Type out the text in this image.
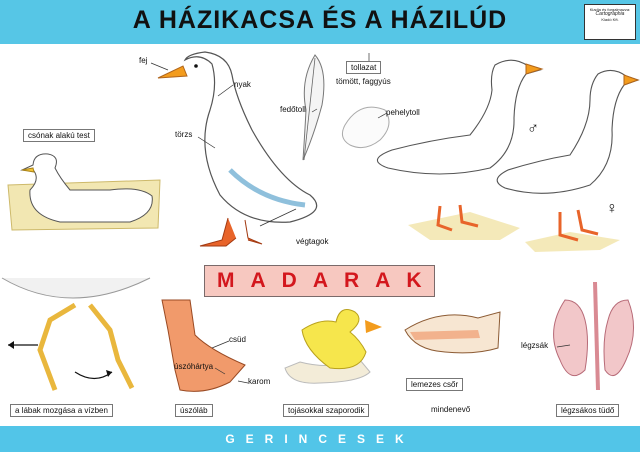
A HÁZIKACSA ÉS A HÁZILÚD	Kiadja és forgalmazza:
Cartographia
Kiadó Kft.
fej
nyak
törzs
végtagok
csónak alakú test
tollazat
tömött, faggyús
fedőtoll	pehelytoll
♂
♀
MADARAK
csüd
úszóhártya
karom
légzsák
mindenevő
a lábak mozgása a vízben	úszóláb	tojásokkal szaporodik
lemezes csőr
légzsákos tüdő
GERINCESEK
